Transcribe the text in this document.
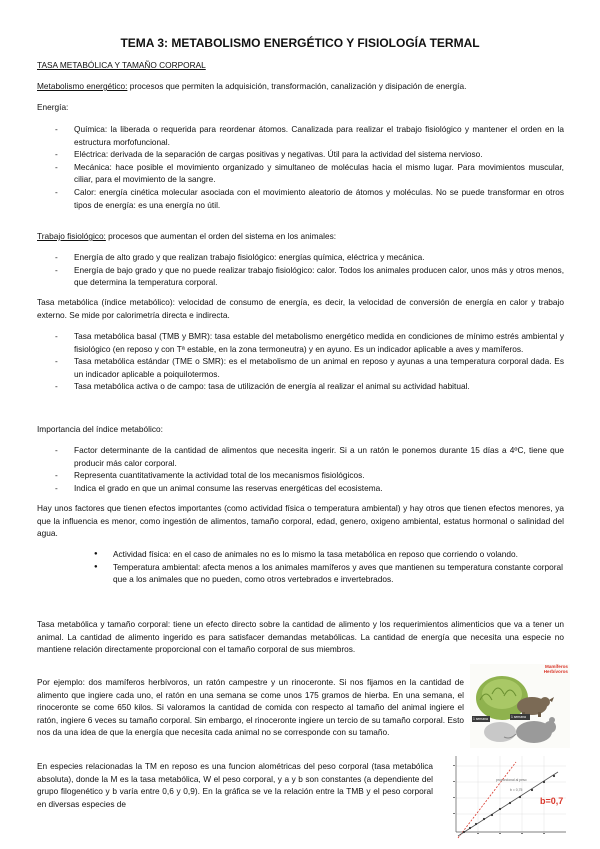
TEMA 3: METABOLISMO ENERGÉTICO Y FISIOLOGÍA TERMAL

TASA METABÓLICA Y TAMAÑO CORPORAL

Metabolismo energético: procesos que permiten la adquisición, transformación, canalización y disipación de energía.

Energía:

- Química: la liberada o requerida para reordenar átomos. Canalizada para realizar el trabajo fisiológico y mantener el orden en la estructura morfofuncional.
- Eléctrica: derivada de la separación de cargas positivas y negativas. Útil para la actividad del sistema nervioso.
- Mecánica: hace posible el movimiento organizado y simultaneo de moléculas hacia el mismo lugar. Para movimientos muscular, ciliar, para el movimiento de la sangre.
- Calor: energía cinética molecular asociada con el movimiento aleatorio de átomos y moléculas. No se puede transformar en otros tipos de energía: es una energía no útil.

Trabajo fisiológico: procesos que aumentan el orden del sistema en los animales:

- Energía de alto grado y que realizan trabajo fisiológico: energías química, eléctrica y mecánica.
- Energía de bajo grado y que no puede realizar trabajo fisiológico: calor. Todos los animales producen calor, unos más y otros menos, que determina la temperatura corporal.

Tasa metabólica (índice metabólico): velocidad de consumo de energía, es decir, la velocidad de conversión de energía en calor y trabajo externo. Se mide por calorimetría directa e indirecta.

- Tasa metabólica basal (TMB y BMR): tasa estable del metabolismo energético medida en condiciones de mínimo estrés ambiental y fisiológico (en reposo y con Tª estable, en la zona termoneutra) y en ayuno. Es un indicador aplicable a aves y mamíferos.
- Tasa metabólica estándar (TME o SMR): es el metabolismo de un animal en reposo y ayunas a una temperatura corporal dada. Es un indicador aplicable a poiquilotermos.
- Tasa metabólica activa o de campo: tasa de utilización de energía al realizar el animal su actividad habitual.

Importancia del índice metabólico:

- Factor determinante de la cantidad de alimentos que necesita ingerir. Si a un ratón le ponemos durante 15 días a 4ºC, tiene que producir más calor corporal.
- Representa cuantitativamente la actividad total de los mecanismos fisiológicos.
- Indica el grado en que un animal consume las reservas energéticas del ecosistema.

Hay unos factores que tienen efectos importantes (como actividad física o temperatura ambiental) y hay otros que tienen efectos menores, ya que la influencia es menor, como ingestión de alimentos, tamaño corporal, edad, genero, oxigeno ambiental, estatus hormonal o salinidad del agua.

● Actividad física: en el caso de animales no es lo mismo la tasa metabólica en reposo que corriendo o volando.
● Temperatura ambiental: afecta menos a los animales mamíferos y aves que mantienen su temperatura constante corporal que a los animales que no pueden, como otros vertebrados e invertebrados.

Tasa metabólica y tamaño corporal: tiene un efecto directo sobre la cantidad de alimento y los requerimientos alimenticios que va a tener un animal. La cantidad de alimento ingerido es para satisfacer demandas metabólicas. La cantidad de energía que necesita una especie no mantiene relación directamente proporcional con el tamaño corporal de sus miembros.

Por ejemplo: dos mamíferos herbívoros, un ratón campestre y un rinoceronte. Si nos fijamos en la cantidad de alimento que ingiere cada uno, el ratón en una semana se come unos 175 gramos de hierba. En una semana, el rinoceronte se come 650 kilos. Si valoramos la cantidad de comida con respecto al tamaño del animal ingiere el ratón, ingiere 6 veces su tamaño corporal. Sin embargo, el rinoceronte ingiere un tercio de su tamaño corporal. Esto nos da una idea de que la energía que necesita cada animal no se corresponde con su tamaño.

En especies relacionadas la TM en reposo es una funcion alométricas del peso corporal (tasa metabólica absoluta), donde la M es la tasa metabólica, W el peso corporal, y a y b son constantes (a dependiente del grupo filogenético y b varía entre 0,6 y 0,9). En la gráfica se ve la relación entre la TMB y el peso corporal en diversas especies de

Mamíferos Herbívoros
1 semana	1 semana
b=0,7
proporcional al peso
b = 0,75
